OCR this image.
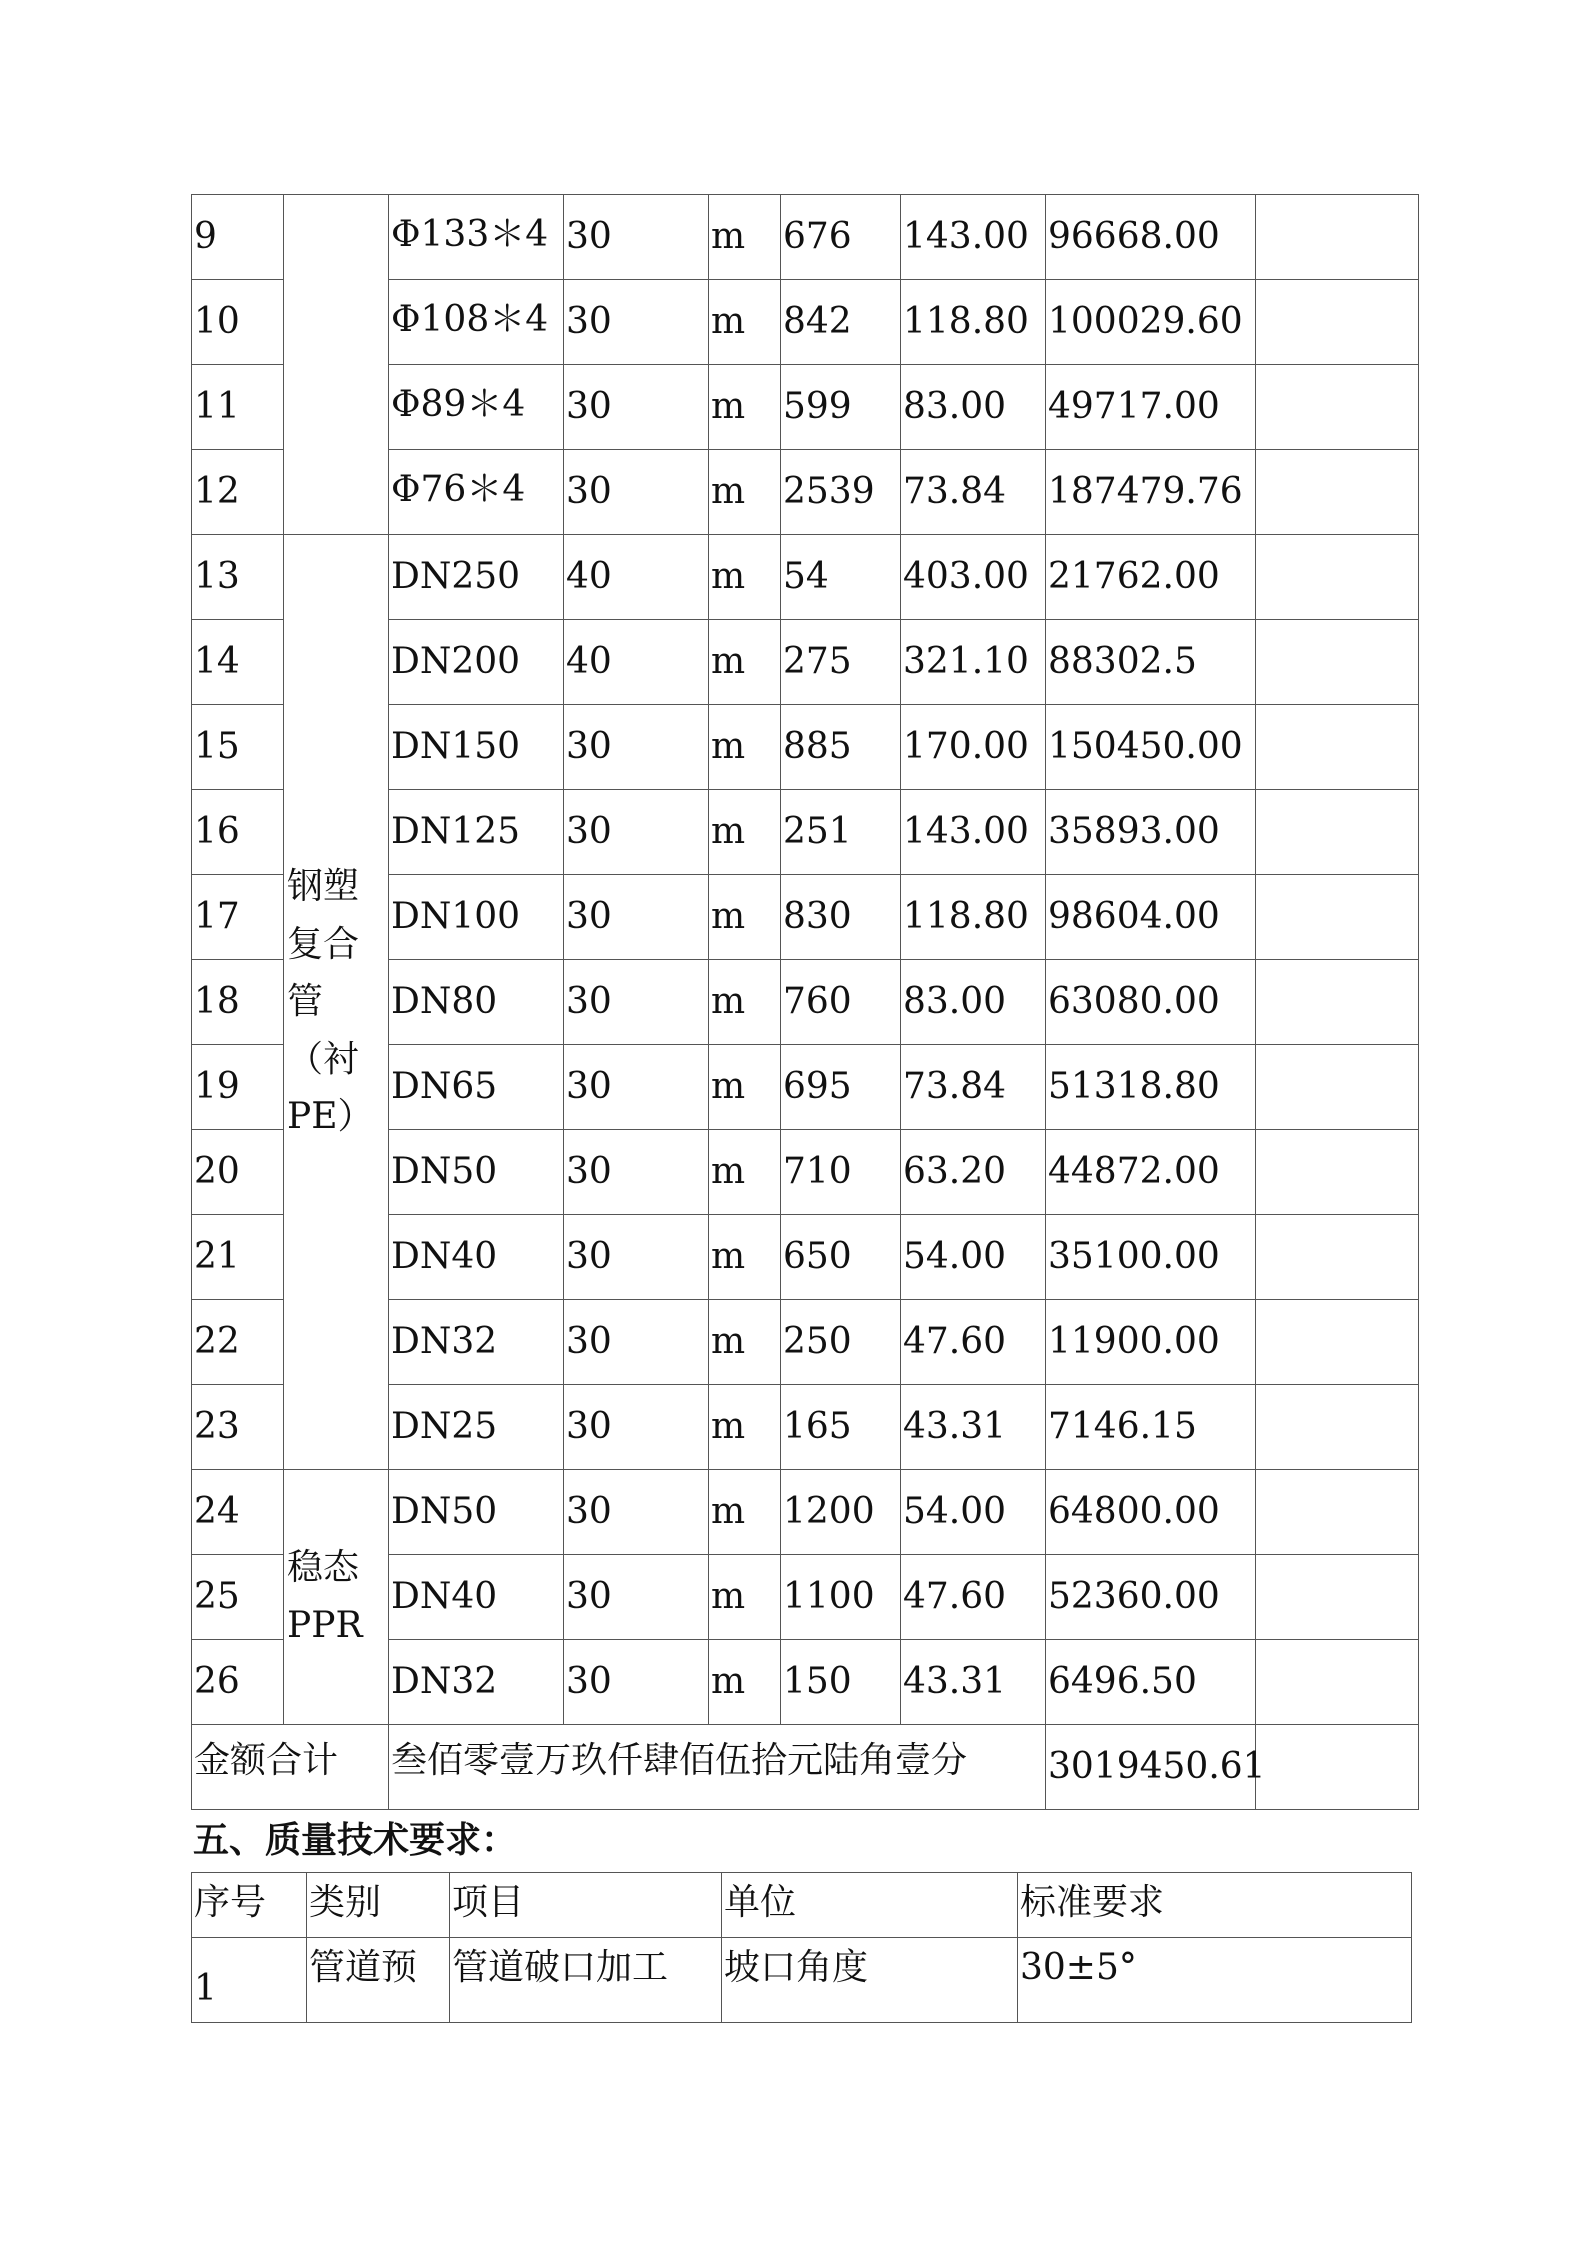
9		Φ133＊4	30	m	676	143.00	96668.00	
10		Φ108＊4	30	m	842	118.80	100029.60	
11		Φ89＊4	30	m	599	83.00	49717.00	
12		Φ76＊4	30	m	2539	73.84	187479.76	
13	钢塑复合管（衬PE）	DN250	40	m	54	403.00	21762.00	
14		DN200	40	m	275	321.10	88302.5	
15		DN150	30	m	885	170.00	150450.00	
16		DN125	30	m	251	143.00	35893.00	
17		DN100	30	m	830	118.80	98604.00	
18		DN80	30	m	760	83.00	63080.00	
19		DN65	30	m	695	73.84	51318.80	
20		DN50	30	m	710	63.20	44872.00	
21		DN40	30	m	650	54.00	35100.00	
22		DN32	30	m	250	47.60	11900.00	
23		DN25	30	m	165	43.31	7146.15	
24	稳态PPR	DN50	30	m	1200	54.00	64800.00	
25		DN40	30	m	1100	47.60	52360.00	
26		DN32	30	m	150	43.31	6496.50	
金额合计		叁佰零壹万玖仟肆佰伍拾元陆角壹分					3019450.61	
五、质量技术要求：
序号	类别	项目	单位	标准要求
1	管道预	管道破口加工	坡口角度	30±5°
